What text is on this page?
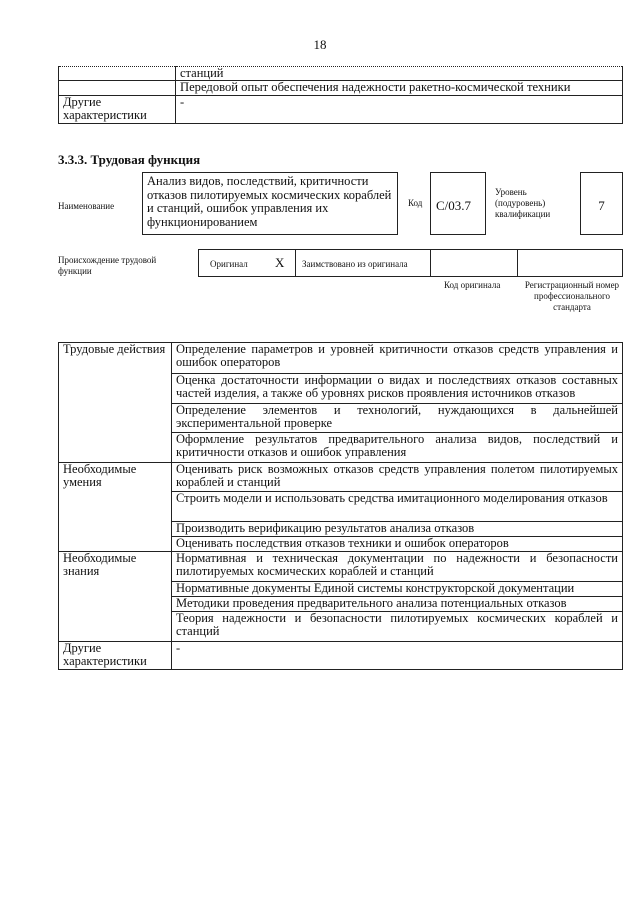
18
	станций
	Передовой опыт обеспечения надежности ракетно-космической техники
Другие характеристики	-
3.3.3. Трудовая функция
Наименование
Анализ видов, последствий, критичности отказов пилотируемых космических кораблей и станций, ошибок управления их функционированием
Код	С/03.7
Уровень (подуровень) квалификации
7
Происхождение трудовой функции
Оригинал X Заимствовано из оригинала
Код оригинала	Регистрационный номер профессионального стандарта
Трудовые действия	Определение параметров и уровней критичности отказов средств управления и ошибок операторов
	Оценка достаточности информации о видах и последствиях отказов составных частей изделия, а также об уровнях рисков проявления источников отказов
	Определение элементов и технологий, нуждающихся в дальнейшей экспериментальной проверке
	Оформление результатов предварительного анализа видов, последствий и критичности отказов и ошибок управления
Необходимые умения	Оценивать риск возможных отказов средств управления полетом пилотируемых кораблей и станций
	Строить модели и использовать средства имитационного моделирования отказов
	Производить верификацию результатов анализа отказов
	Оценивать последствия отказов техники и ошибок операторов
Необходимые знания	Нормативная и техническая документации по надежности и безопасности пилотируемых космических кораблей и станций
	Нормативные документы Единой системы конструкторской документации
	Методики проведения предварительного анализа потенциальных отказов
	Теория надежности и безопасности пилотируемых космических кораблей и станций
Другие характеристики	-
